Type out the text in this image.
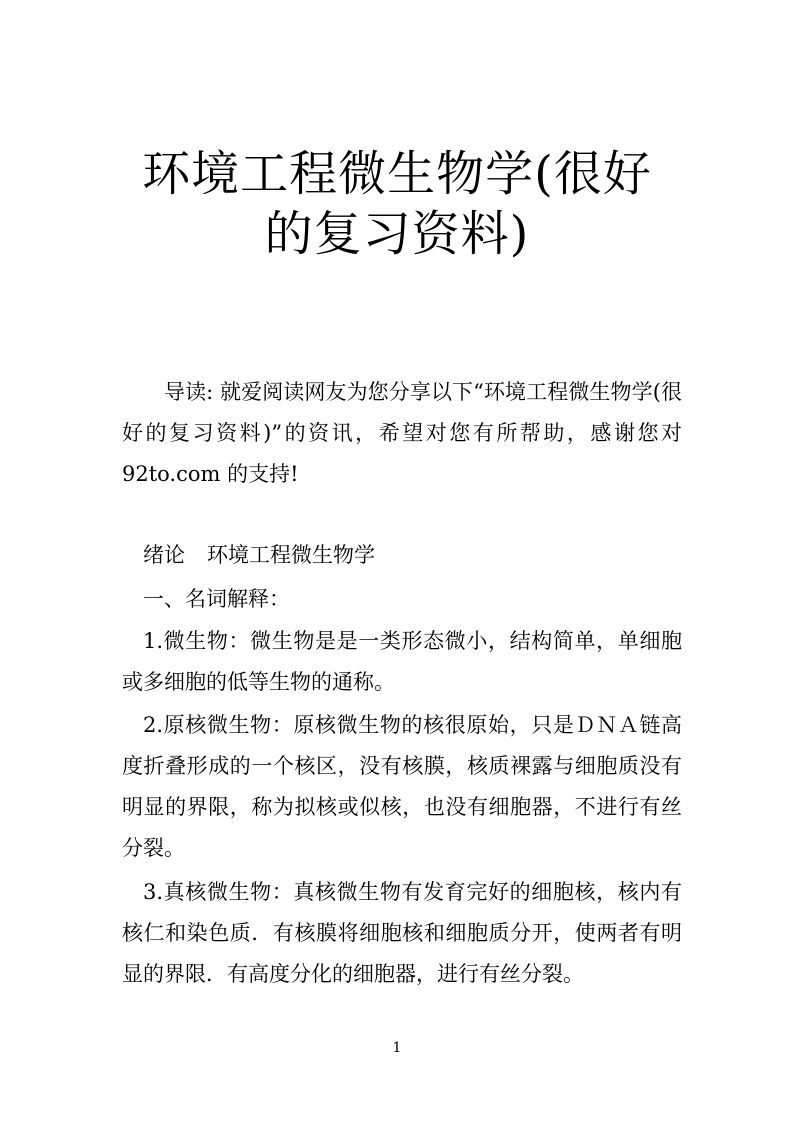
环境工程微生物学(很好
的复习资料)
导读: 就爱阅读网友为您分享以下“环境工程微生物学(很好的复习资料)”的资讯，希望对您有所帮助，感谢您对92to.com 的支持!
绪论 环境工程微生物学
一、名词解释：
1.微生物：微生物是是一类形态微小，结构简单，单细胞或多细胞的低等生物的通称。
2.原核微生物：原核微生物的核很原始，只是ＤＮＡ链高度折叠形成的一个核区，没有核膜，核质裸露与细胞质没有明显的界限，称为拟核或似核，也没有细胞器，不进行有丝分裂。
3.真核微生物：真核微生物有发育完好的细胞核，核内有核仁和染色质．有核膜将细胞核和细胞质分开，使两者有明显的界限．有高度分化的细胞器，进行有丝分裂。
1
